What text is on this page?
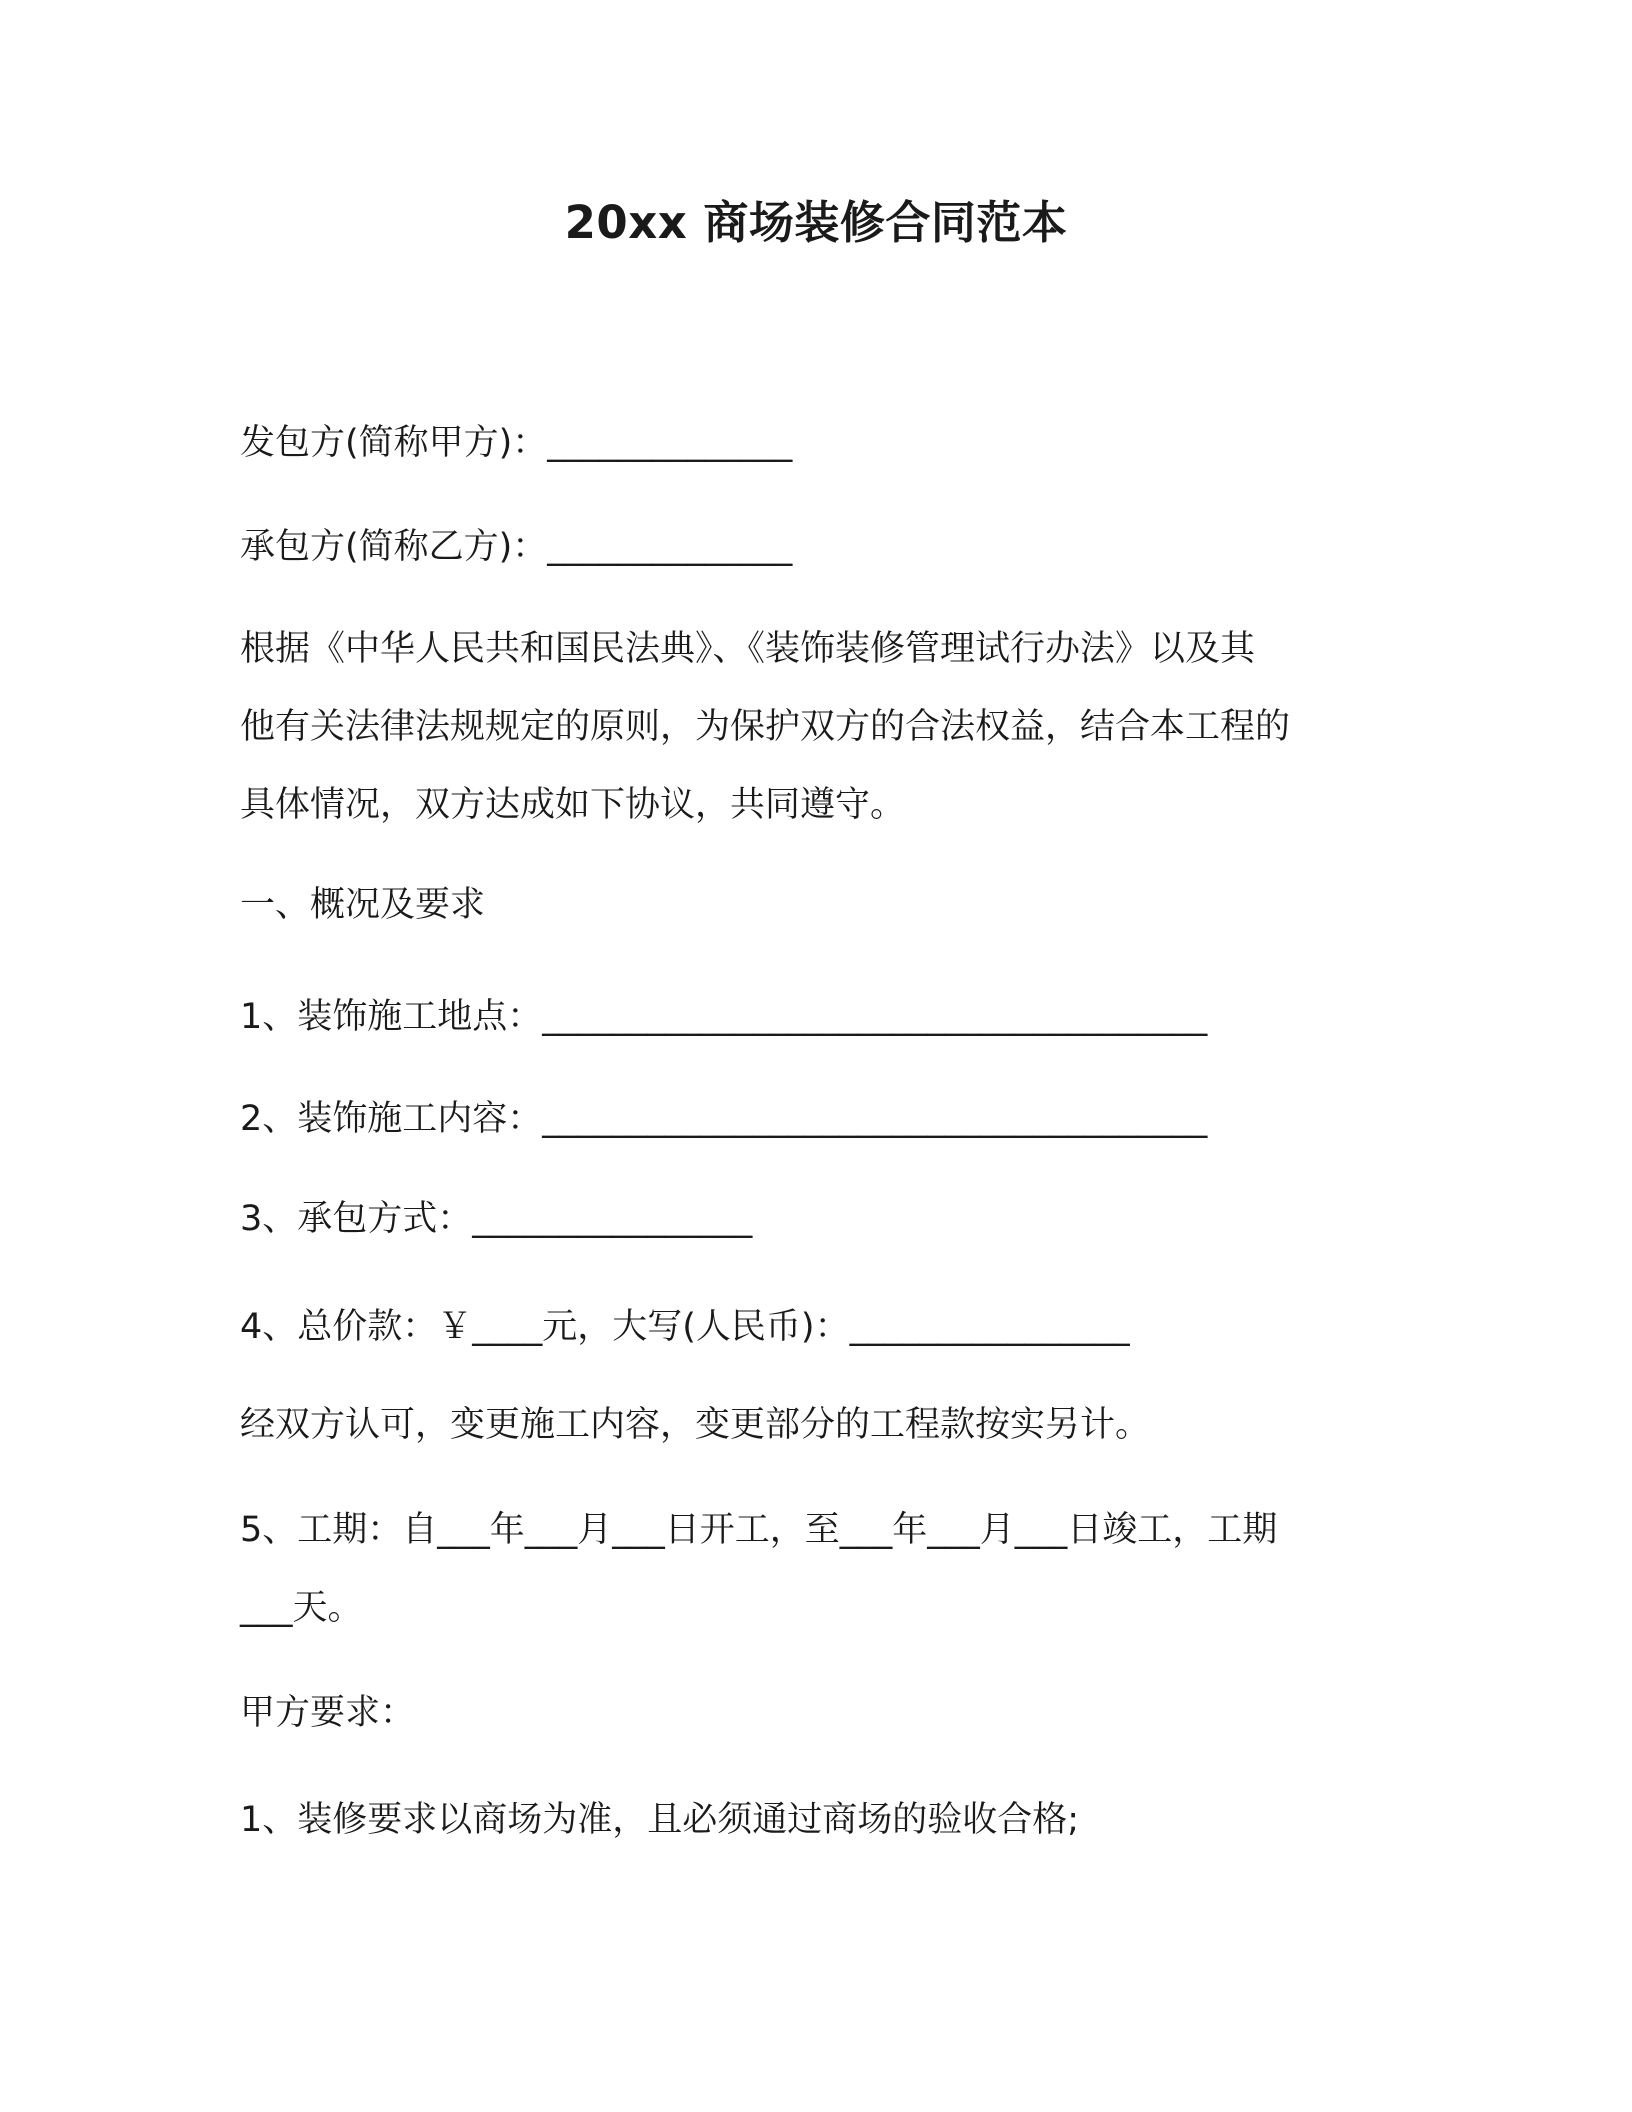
20xx 商场装修合同范本
发包方(简称甲方)：______________
承包方(简称乙方)：______________
根据《中华人民共和国民法典》、《装饰装修管理试行办法》以及其
他有关法律法规规定的原则，为保护双方的合法权益，结合本工程的
具体情况，双方达成如下协议，共同遵守。
一、概况及要求
1、装饰施工地点：______________________________________
2、装饰施工内容：______________________________________
3、承包方式：________________
4、总价款：￥____元，大写(人民币)：________________
经双方认可，变更施工内容，变更部分的工程款按实另计。
5、工期：自___年___月___日开工，至___年___月___日竣工，工期
___天。
甲方要求：
1、装修要求以商场为准，且必须通过商场的验收合格;
